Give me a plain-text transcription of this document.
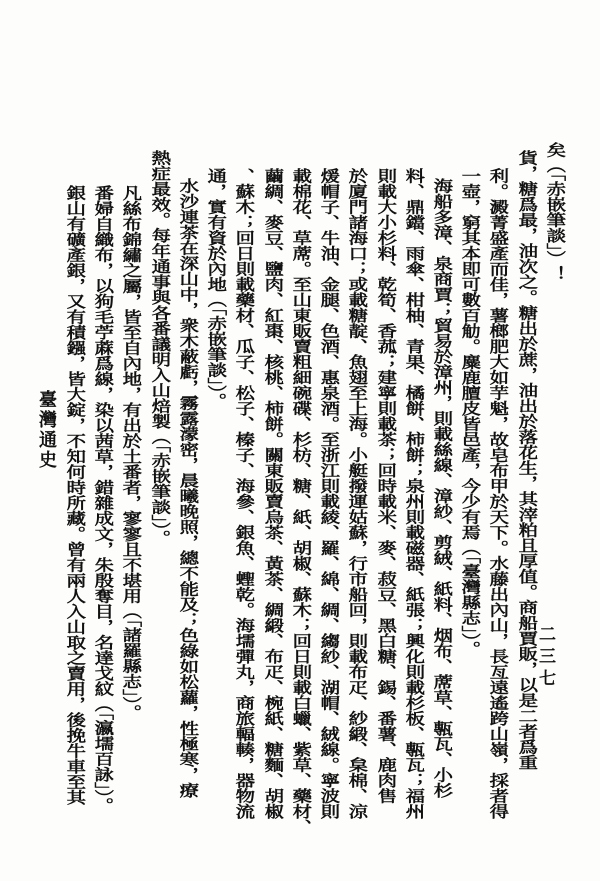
矣（「赤嵌筆談」）！
貨，糖爲最，油次之。糖出於蔗，油出於落花生，其滓粕且厚值。商船賈販，以是二者爲重
利。澱菁盛產而佳，薯榔肥大如芋魁，故皂布甲於天下。水藤出內山，長亙遠遙跨山嶺，採者得
一壺，窮其本即可數百觔。麋鹿膻皮皆邑產，今少有焉（「臺灣縣志」）。
海船多漳、泉商賈；貿易於漳州，則載絲線、漳紗、剪絨、紙料、烟布、蓆草、甎瓦、小杉
料、鼎鐺、雨傘、柑柚、青果、橘餅、柿餅；泉州則載磁器、紙張；興化則載杉板、甎瓦；福州
則載大小杉料、乾筍、香菰；建寧則載茶；回時載米、麥、菽豆、黑白糖、錫、番薯、鹿肉售
於廈門諸海口；或載糖靛、魚翅至上海。小艇撥運姑蘇，行市船回，則載布疋、紗緞、枲棉、涼
煖帽子、牛油、金腿、色酒、惠泉酒。至浙江則載綾、羅、綿、綢、縐紗、湖帽、絨線。寧波則
載棉花、草蓆。至山東販賣粗細碗碟、杉枋、糖、紙、胡椒、蘇木；回日則載白蠟、紫草、藥材、
繭綢、麥豆、鹽肉、紅棗、核桃、柿餅。關東販賣烏茶、黃茶、綢緞、布疋、椀紙、糖麵、胡椒
、蘇木；回日則載藥材、瓜子、松子、榛子、海參、銀魚、蟶乾。海壖彈丸，商旅輻輳，器物流
通，實有資於內地（「赤嵌筆談」）。
水沙連茶在深山中，衆木蔽虧，霧露濛密，晨曦晚照，總不能及；色綠如松蘿，性極寒，療
熱症最效。每年通事與各番議明入山焙製（「赤嵌筆談」）。
凡絲布錦繡之屬，皆至自內地，有出於土番者，寥寥且不堪用（「諸羅縣志」）。
番婦自織布，以狗毛苧蔴爲線，染以茜草，錯雜成文，朱殷奪目，名達戈紋（「瀛壖百詠」）。
銀山有礦產銀，又有積鏹，皆大錠，不知何時所藏。曾有兩人入山取之賣用，後挽牛車至其
臺灣通史
二三七
